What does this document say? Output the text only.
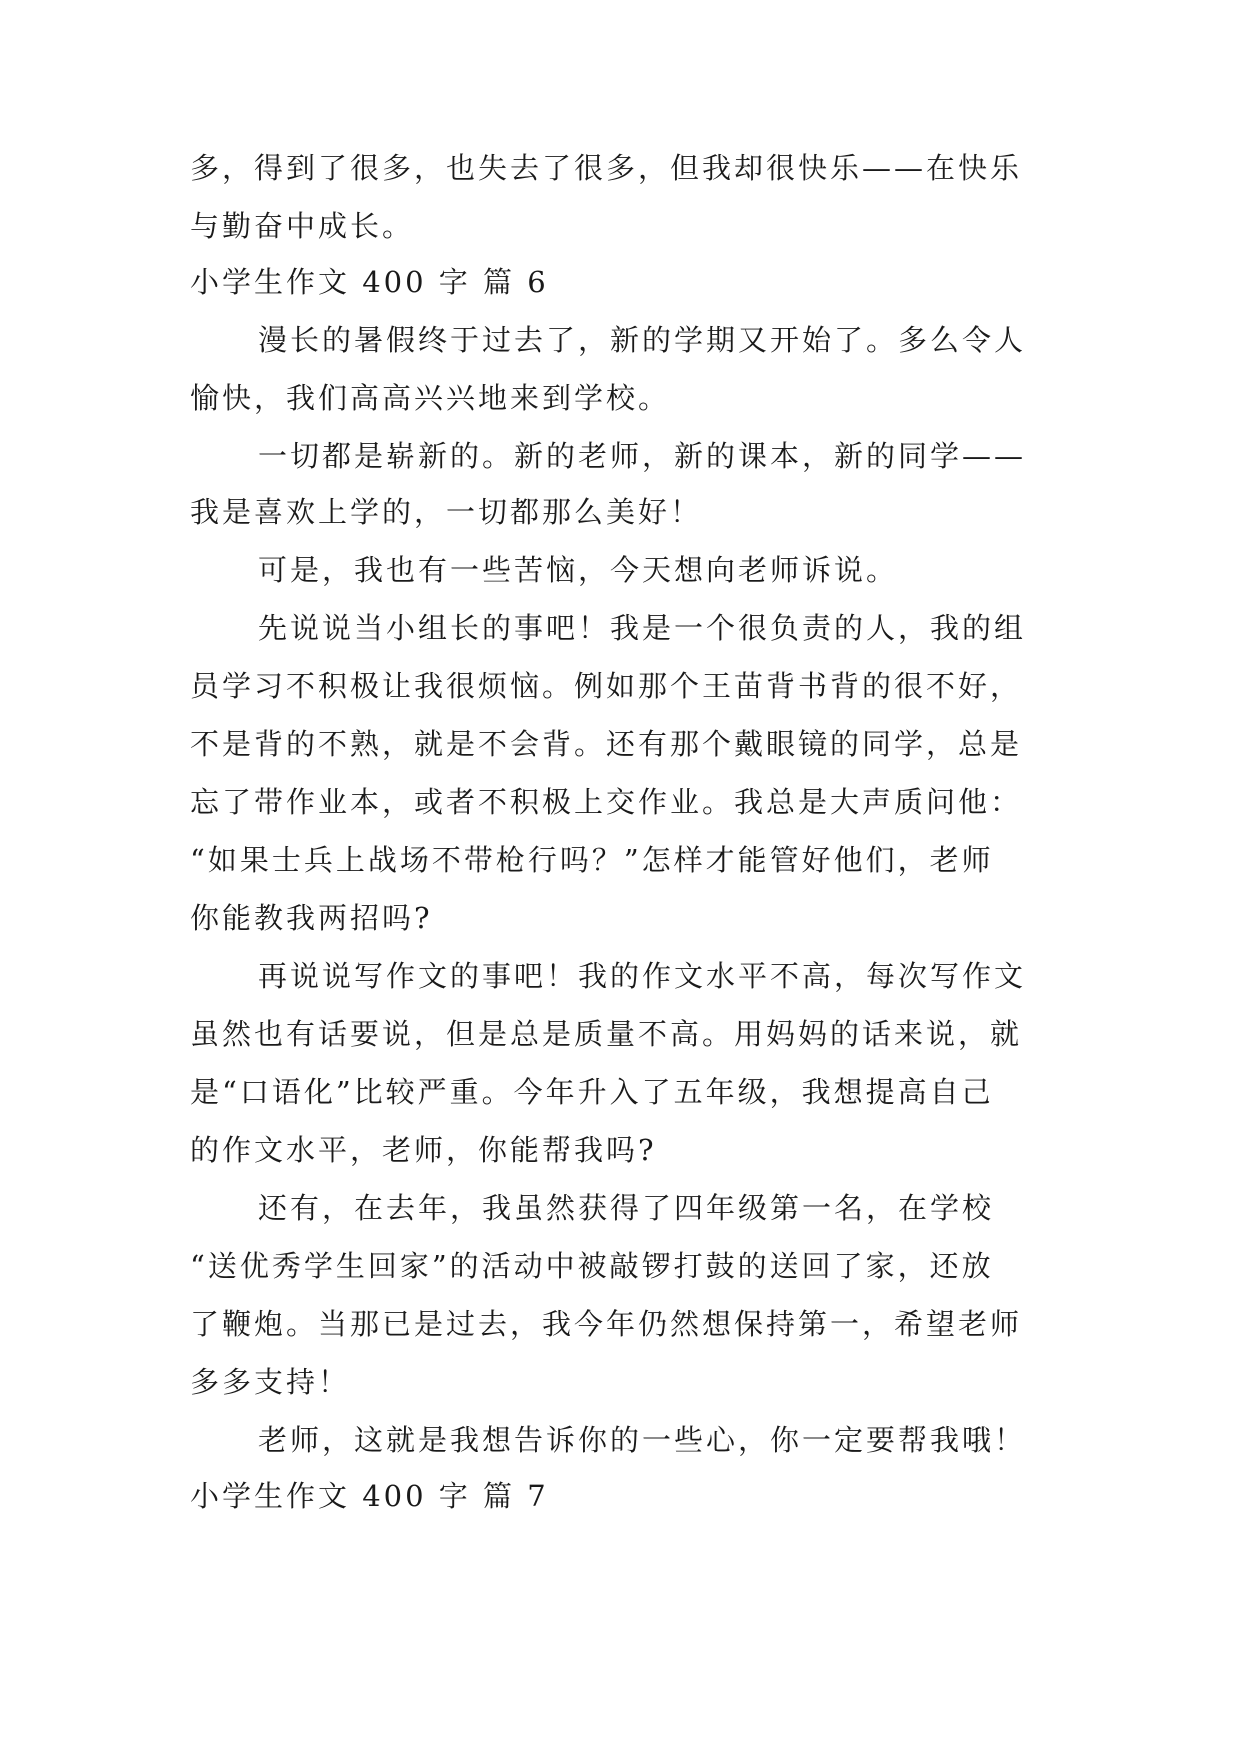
多，得到了很多，也失去了很多，但我却很快乐——在快乐
与勤奋中成长。
小学生作文 400 字 篇 6
漫长的暑假终于过去了，新的学期又开始了。多么令人
愉快，我们高高兴兴地来到学校。
一切都是崭新的。新的老师，新的课本，新的同学——
我是喜欢上学的，一切都那么美好！
可是，我也有一些苦恼，今天想向老师诉说。
先说说当小组长的事吧！我是一个很负责的人，我的组
员学习不积极让我很烦恼。例如那个王苗背书背的很不好，
不是背的不熟，就是不会背。还有那个戴眼镜的同学，总是
忘了带作业本，或者不积极上交作业。我总是大声质问他：
“如果士兵上战场不带枪行吗？”怎样才能管好他们，老师
你能教我两招吗?
再说说写作文的事吧！我的作文水平不高，每次写作文
虽然也有话要说，但是总是质量不高。用妈妈的话来说，就
是“口语化”比较严重。今年升入了五年级，我想提高自己
的作文水平，老师，你能帮我吗?
还有，在去年，我虽然获得了四年级第一名，在学校
“送优秀学生回家”的活动中被敲锣打鼓的送回了家，还放
了鞭炮。当那已是过去，我今年仍然想保持第一，希望老师
多多支持！
老师，这就是我想告诉你的一些心，你一定要帮我哦！
小学生作文 400 字 篇 7
